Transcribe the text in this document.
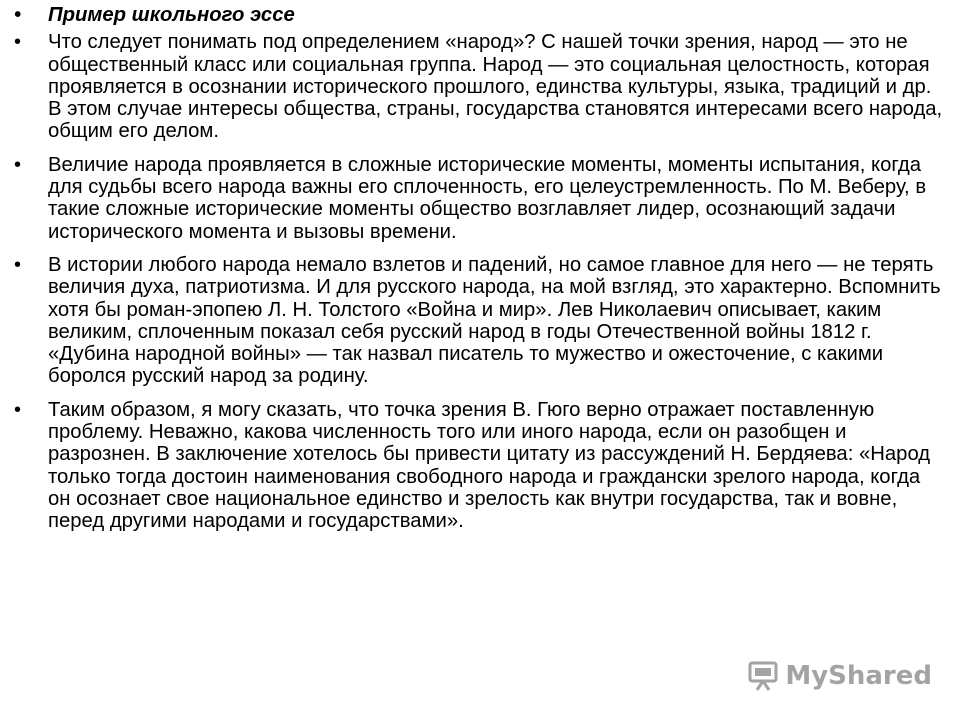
•	Пример школьного эссе
•	Что следует понимать под определением «народ»? С нашей точки зрения, народ — это не общественный класс или социальная группа. Народ — это социальная целостность, которая проявляется в осознании исторического прошлого, единства культуры, языка, традиций и др. В этом случае интересы общества, страны, государства становятся интересами всего народа, общим его делом.
•	Величие народа проявляется в сложные исторические моменты, моменты испытания, когда для судьбы всего народа важны его сплоченность, его целеустремленность. По М. Веберу, в такие сложные исторические моменты общество возглавляет лидер, осознающий задачи исторического момента и вызовы времени.
•	В истории любого народа немало взлетов и падений, но самое главное для него — не терять величия духа, патриотизма. И для русского народа, на мой взгляд, это характерно. Вспомнить хотя бы роман-эпопею Л. Н. Толстого «Война и мир». Лев Николаевич описывает, каким великим, сплоченным показал себя русский народ в годы Отечественной войны 1812 г. «Дубина народной войны» — так назвал писатель то мужество и ожесточение, с какими боролся русский народ за родину.
•	Таким образом, я могу сказать, что точка зрения В. Гюго верно отражает поставленную проблему. Неважно, какова численность того или иного народа, если он разобщен и разрознен. В заключение хотелось бы привести цитату из рассуждений Н. Бердяева: «Народ только тогда достоин наименования свободного народа и граждански зрелого народа, когда он осознает свое национальное единство и зрелость как внутри государства, так и вовне, перед другими народами и государствами».
MyShared
